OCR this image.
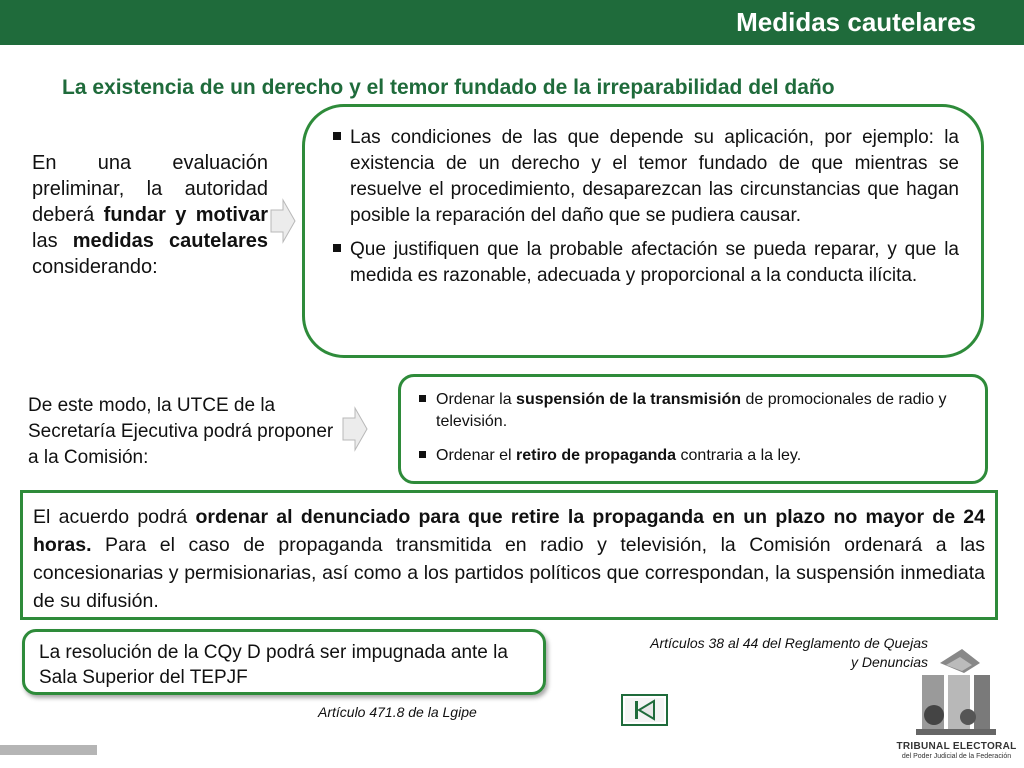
Medidas cautelares
La existencia de un derecho y el temor fundado de la irreparabilidad del daño
En una evaluación preliminar, la autoridad deberá fundar y motivar las medidas cautelares considerando:
Las condiciones de las que depende su aplicación, por ejemplo: la existencia de un derecho y el temor fundado de que mientras se resuelve el procedimiento, desaparezcan las circunstancias que hagan posible la reparación del daño que se pudiera causar.
Que justifiquen que la probable afectación se pueda reparar, y que la medida es razonable, adecuada y proporcional a la conducta ilícita.
De este modo, la UTCE de la Secretaría Ejecutiva podrá proponer a la Comisión:
Ordenar la suspensión de la transmisión de promocionales de radio y televisión.
Ordenar el retiro de propaganda contraria a la ley.
El acuerdo podrá ordenar al denunciado para que retire la propaganda en un plazo no mayor de 24 horas. Para el caso de propaganda transmitida en radio y televisión, la Comisión ordenará a las concesionarias y permisionarias, así como a los partidos políticos que correspondan, la suspensión inmediata de su difusión.
La resolución de la CQy D podrá ser impugnada ante la Sala Superior del TEPJF
Artículos 38 al 44 del Reglamento de Quejas
y Denuncias
Artículo 471.8 de la Lgipe
TRIBUNAL ELECTORAL
del Poder Judicial de la Federación
